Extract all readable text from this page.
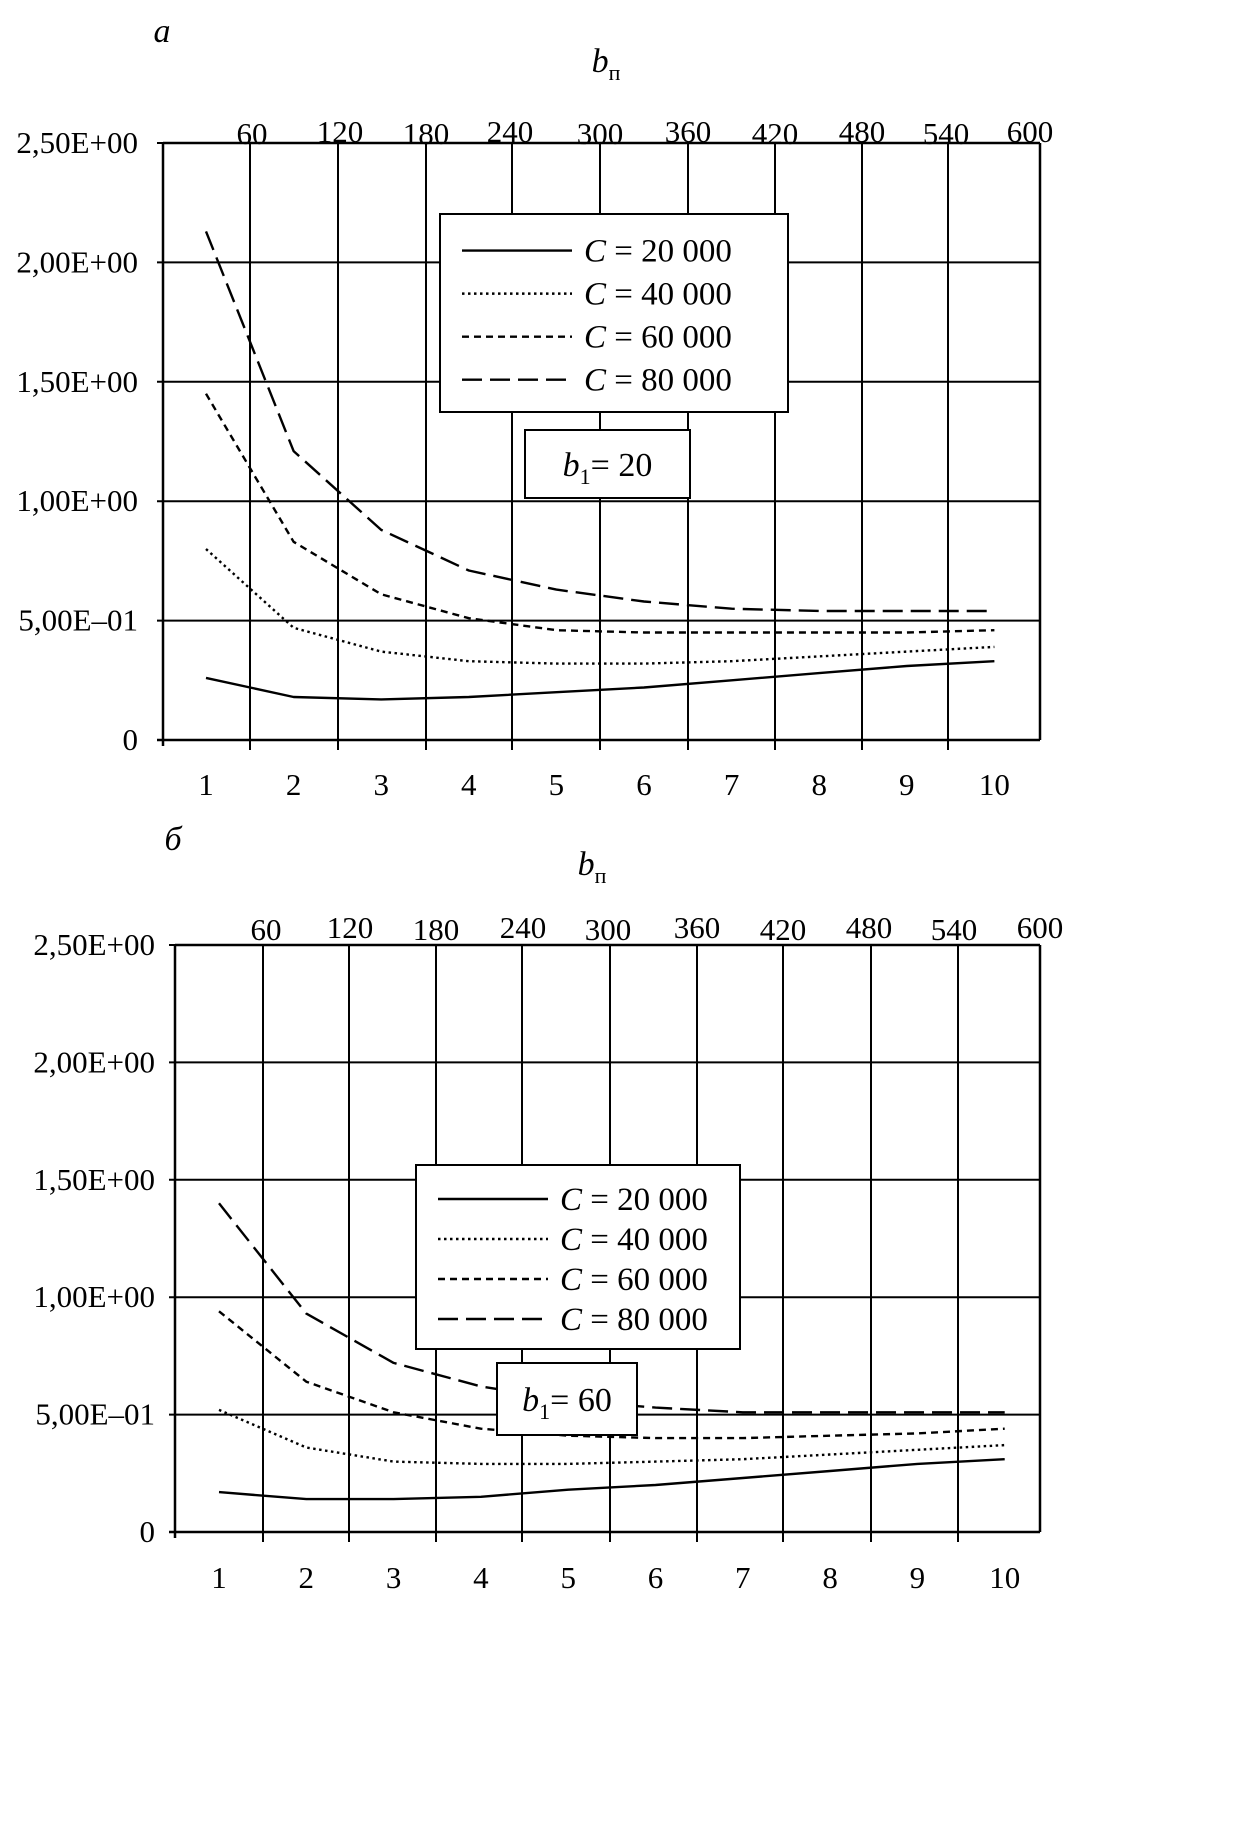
0
5,00E–01
1,00E+00
1,50E+00
2,00E+00
2,50E+00
1 2 3 4 5 6 7 8 9 10
60 120 180 240 300 360 420 480 540 600
$b_п$
а
C = 20 000
C = 40 000
C = 60 000
C = 80 000
$b_1= 20$
0
5,00E–01
1,00E+00
1,50E+00
2,00E+00
2,50E+00
1 2 3 4 5 6 7 8 9 10
60 120 180 240 300 360 420 480 540 600
$b_п$
б
C = 20 000
C = 40 000
C = 60 000
C = 80 000
$b_1= 60$
